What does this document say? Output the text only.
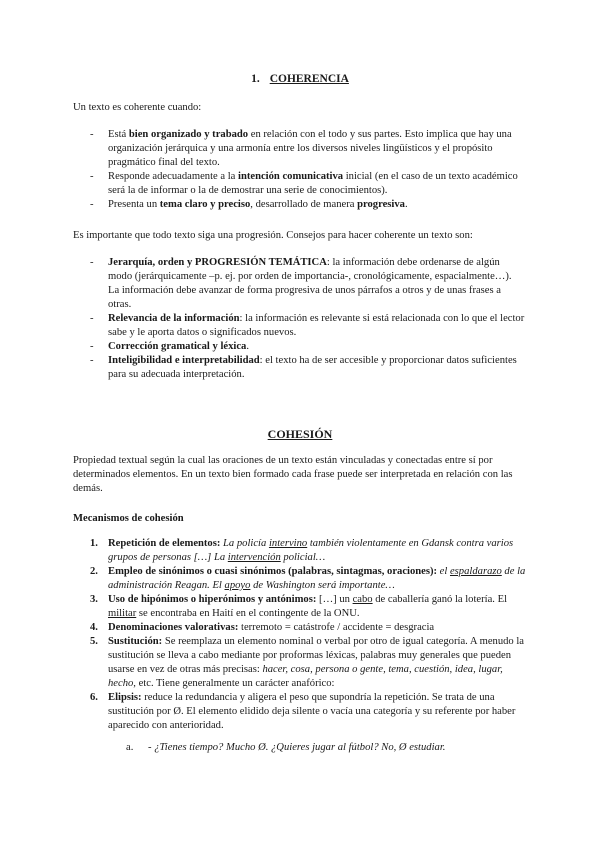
1. COHERENCIA

Un texto es coherente cuando:

- Está bien organizado y trabado en relación con el todo y sus partes. Esto implica que hay una organización jerárquica y una armonía entre los diversos niveles lingüísticos y el propósito pragmático final del texto.
- Responde adecuadamente a la intención comunicativa inicial (en el caso de un texto académico será la de informar o la de demostrar una serie de conocimientos).
- Presenta un tema claro y preciso, desarrollado de manera progresiva.

Es importante que todo texto siga una progresión. Consejos para hacer coherente un texto son:

- Jerarquía, orden y PROGRESIÓN TEMÁTICA: la información debe ordenarse de algún modo (jerárquicamente –p. ej. por orden de importancia-, cronológicamente, espacialmente…). La información debe avanzar de forma progresiva de unos párrafos a otros y de unas frases a otras.
- Relevancia de la información: la información es relevante si está relacionada con lo que el lector sabe y le aporta datos o significados nuevos.
- Corrección gramatical y léxica.
- Inteligibilidad e interpretabilidad: el texto ha de ser accesible y proporcionar datos suficientes para su adecuada interpretación.
COHESIÓN

Propiedad textual según la cual las oraciones de un texto están vinculadas y conectadas entre sí por determinados elementos. En un texto bien formado cada frase puede ser interpretada en relación con las demás.

Mecanismos de cohesión

1. Repetición de elementos: La policía intervino también violentamente en Gdansk contra varios grupos de personas […] La intervención policial…
2. Empleo de sinónimos o cuasi sinónimos (palabras, sintagmas, oraciones): el espaldarazo de la administración Reagan. El apoyo de Washington será importante…
3. Uso de hipónimos o hiperónimos y antónimos: […] un cabo de caballería ganó la lotería. El militar se encontraba en Haití en el contingente de la ONU.
4. Denominaciones valorativas: terremoto = catástrofe / accidente = desgracia
5. Sustitución: Se reemplaza un elemento nominal o verbal por otro de igual categoría. A menudo la sustitución se lleva a cabo mediante por proformas léxicas, palabras muy generales que pueden usarse en vez de otras más precisas: hacer, cosa, persona o gente, tema, cuestión, idea, lugar, hecho, etc. Tiene generalmente un carácter anafórico:
6. Elipsis: reduce la redundancia y aligera el peso que supondría la repetición. Se trata de una sustitución por Ø. El elemento elidido deja silente o vacía una categoría y su referente por haber aparecido con anterioridad.
a. - ¿Tienes tiempo? Mucho Ø. ¿Quieres jugar al fútbol? No, Ø estudiar.
